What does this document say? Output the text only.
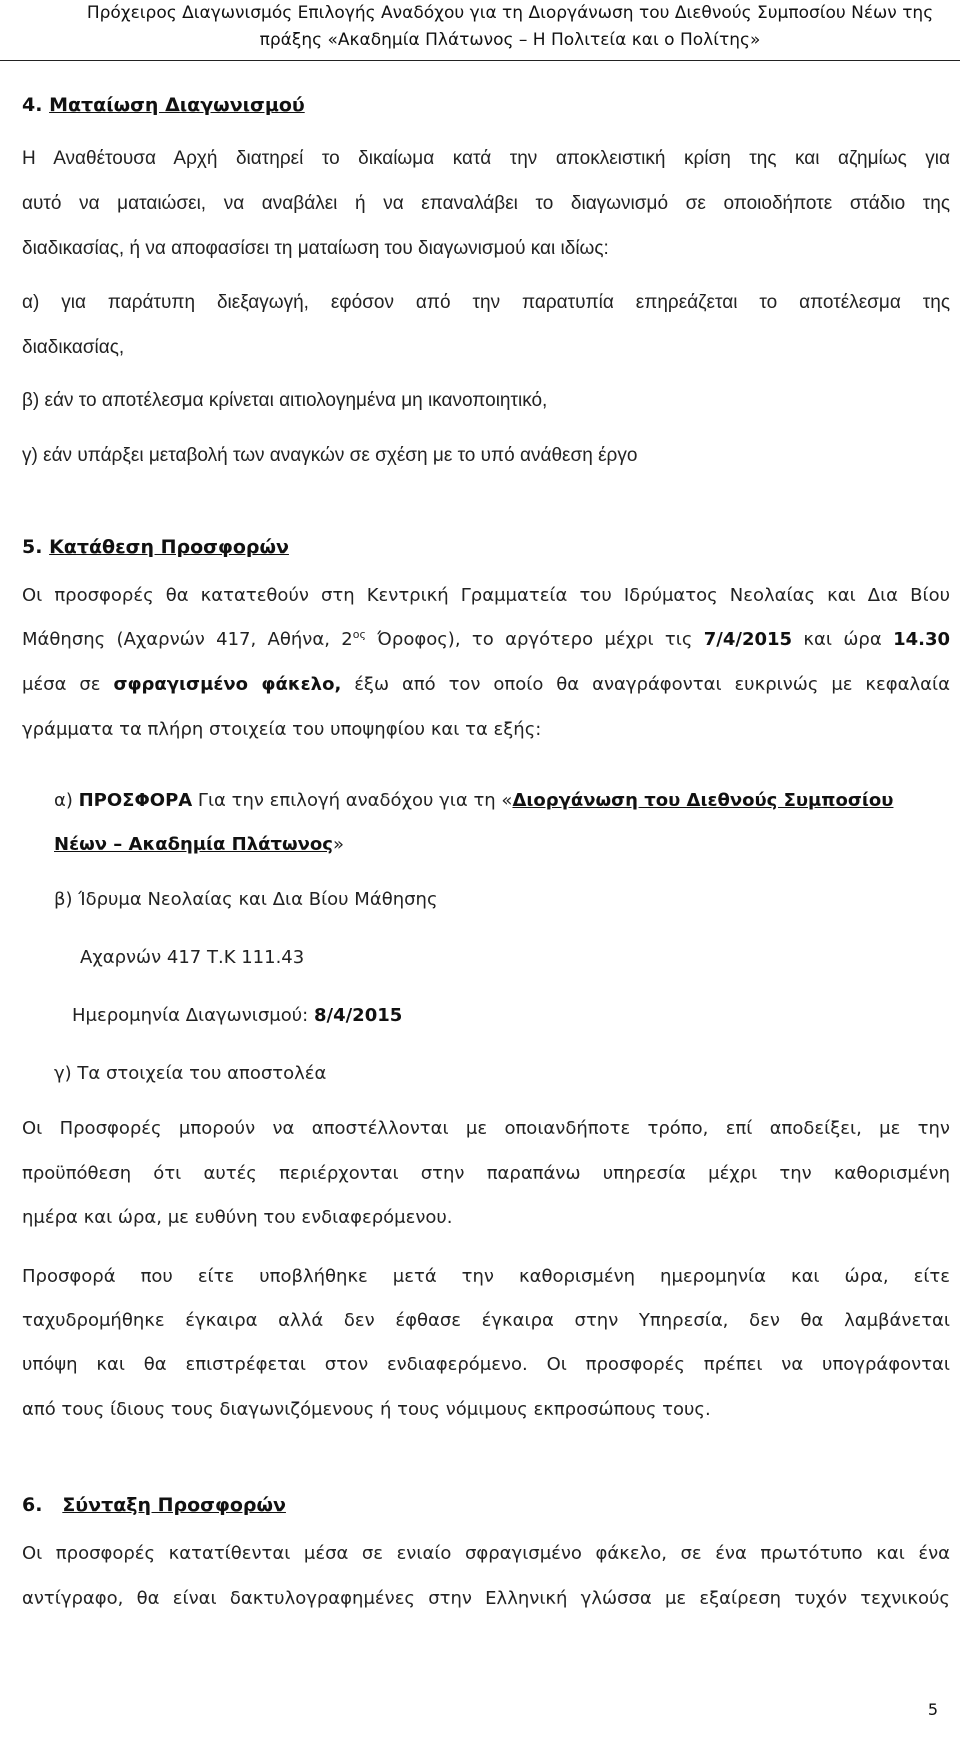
Πρόχειρος Διαγωνισμός Επιλογής Αναδόχου για τη Διοργάνωση του Διεθνούς Συμποσίου Νέων της
πράξης «Ακαδημία Πλάτωνος – Η Πολιτεία και ο Πολίτης»
4. Ματαίωση Διαγωνισμού
Η Αναθέτουσα Αρχή διατηρεί το δικαίωμα κατά την αποκλειστική κρίση της και αζημίως για
αυτό να ματαιώσει, να αναβάλει ή να επαναλάβει το διαγωνισμό σε οποιοδήποτε στάδιο της
διαδικασίας, ή να αποφασίσει τη ματαίωση του διαγωνισμού και ιδίως:
α) για παράτυπη διεξαγωγή, εφόσον από την παρατυπία επηρεάζεται το αποτέλεσμα της
διαδικασίας,
β) εάν το αποτέλεσμα κρίνεται αιτιολογημένα μη ικανοποιητικό,
γ) εάν υπάρξει μεταβολή των αναγκών σε σχέση με το υπό ανάθεση έργο
5. Κατάθεση Προσφορών
Οι προσφορές θα κατατεθούν στη Κεντρική Γραμματεία του Ιδρύματος Νεολαίας και Δια Βίου
Μάθησης (Αχαρνών 417, Αθήνα, $2^{o\varsigma}$ Όροφος), το αργότερο μέχρι τις 7/4/2015 και ώρα 14.30
μέσα σε σφραγισμένο φάκελο, έξω από τον οποίο θα αναγράφονται ευκρινώς με κεφαλαία
γράμματα τα πλήρη στοιχεία του υποψηφίου και τα εξής:
α) ΠΡΟΣΦΟΡΑ Για την επιλογή αναδόχου για τη «Διοργάνωση του Διεθνούς Συμποσίου
Νέων – Ακαδημία Πλάτωνος»
β) Ίδρυμα Νεολαίας και Δια Βίου Μάθησης
Αχαρνών 417 Τ.Κ 111.43
Ημερομηνία Διαγωνισμού: 8/4/2015
γ) Τα στοιχεία του αποστολέα
Οι Προσφορές μπορούν να αποστέλλονται με οποιανδήποτε τρόπο, επί αποδείξει, με την
προϋπόθεση ότι αυτές περιέρχονται στην παραπάνω υπηρεσία μέχρι την καθορισμένη
ημέρα και ώρα, με ευθύνη του ενδιαφερόμενου.
Προσφορά που είτε υποβλήθηκε μετά την καθορισμένη ημερομηνία και ώρα, είτε
ταχυδρομήθηκε έγκαιρα αλλά δεν έφθασε έγκαιρα στην Υπηρεσία, δεν θα λαμβάνεται
υπόψη και θα επιστρέφεται στον ενδιαφερόμενο. Οι προσφορές πρέπει να υπογράφονται
από τους ίδιους τους διαγωνιζόμενους ή τους νόμιμους εκπροσώπους τους.
6. Σύνταξη Προσφορών
Οι προσφορές κατατίθενται μέσα σε ενιαίο σφραγισμένο φάκελο, σε ένα πρωτότυπο και ένα
αντίγραφο, θα είναι δακτυλογραφημένες στην Ελληνική γλώσσα με εξαίρεση τυχόν τεχνικούς
5
